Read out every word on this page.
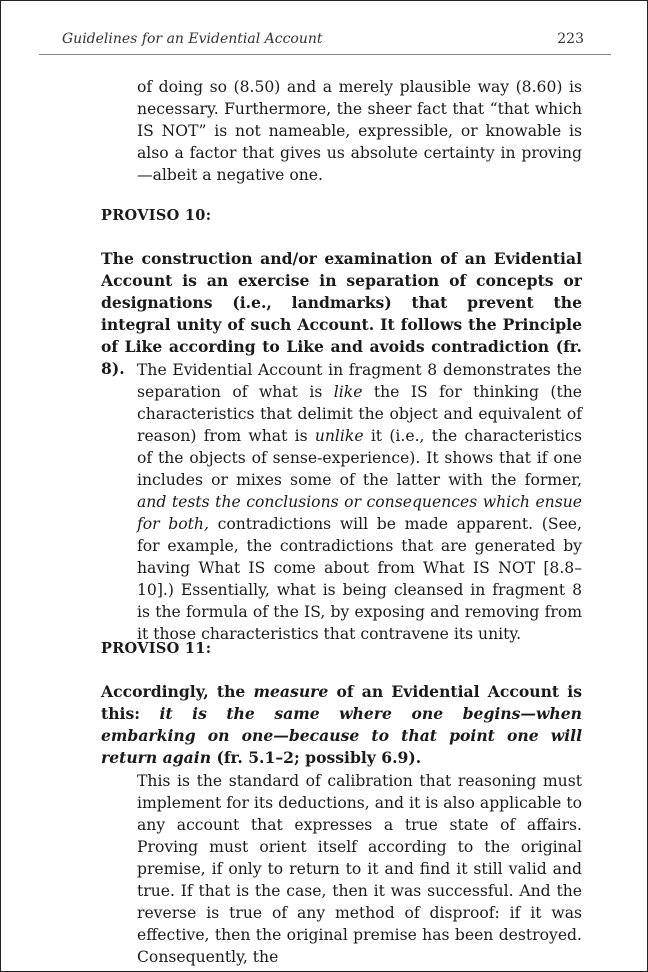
Guidelines for an Evidential Account	223

of doing so (8.50) and a merely plausible way (8.60) is necessary. Furthermore, the sheer fact that “that which IS NOT” is not nameable, expressible, or knowable is also a factor that gives us absolute certainty in proving—albeit a negative one.

PROVISO 10:

The construction and/or examination of an Evidential Account is an exercise in separation of concepts or designations (i.e., landmarks) that prevent the integral unity of such Account. It follows the Principle of Like according to Like and avoids contradiction (fr. 8). The Evidential Account in fragment 8 demonstrates the separation of what is like the IS for thinking (the characteristics that delimit the object and equivalent of reason) from what is unlike it (i.e., the characteristics of the objects of sense-experience). It shows that if one includes or mixes some of the latter with the former, and tests the conclusions or consequences which ensue for both, contradictions will be made apparent. (See, for example, the contradictions that are generated by having What IS come about from What IS NOT [8.8–10].) Essentially, what is being cleansed in fragment 8 is the formula of the IS, by exposing and removing from it those characteristics that contravene its unity.

PROVISO 11:

Accordingly, the measure of an Evidential Account is this: it is the same where one begins—when embarking on one—because to that point one will return again (fr. 5.1–2; possibly 6.9).

This is the standard of calibration that reasoning must implement for its deductions, and it is also applicable to any account that expresses a true state of affairs. Proving must orient itself according to the original premise, if only to return to it and find it still valid and true. If that is the case, then it was successful. And the reverse is true of any method of disproof: if it was effective, then the original premise has been destroyed. Consequently, the
